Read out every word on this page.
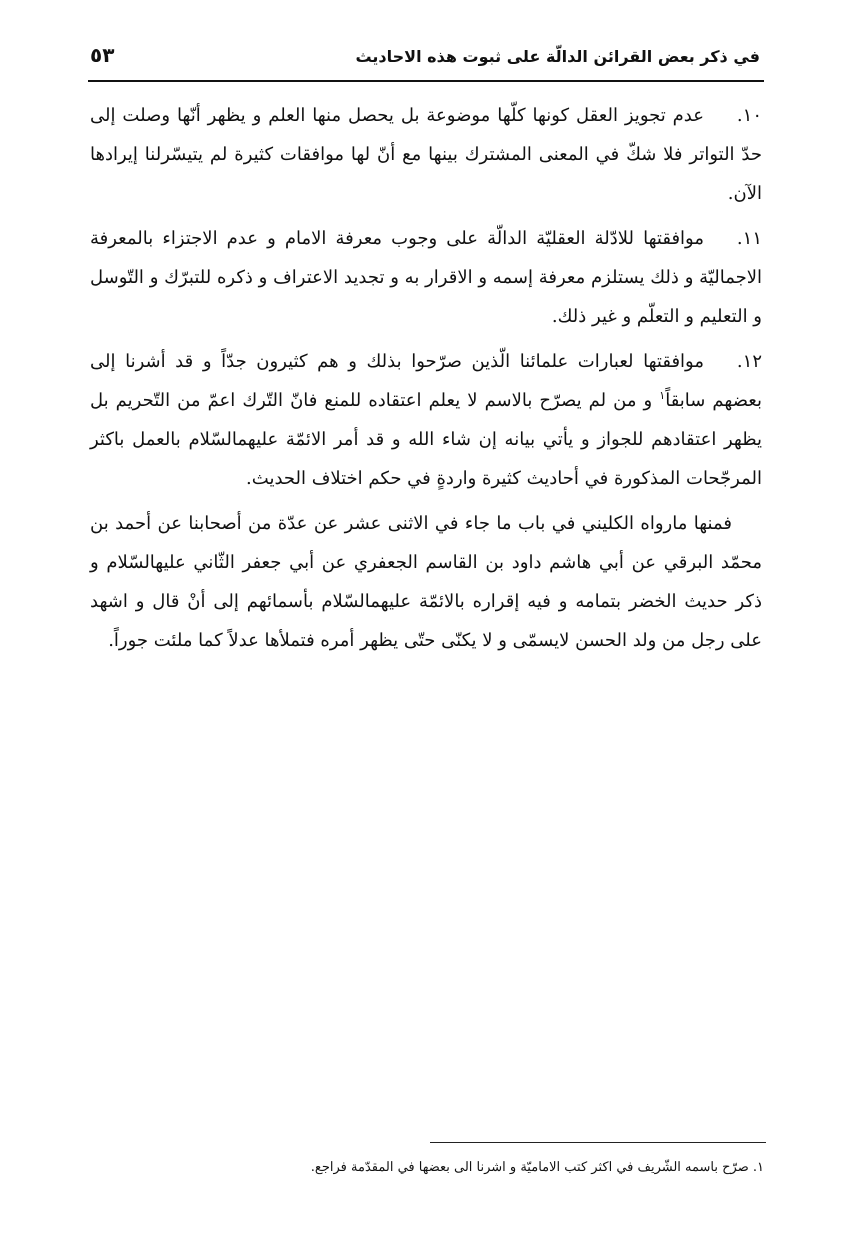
في ذكر بعض القرائن الدالّة على ثبوت هذه الاحاديث
٥٣

١٠.عدم تجويز العقل كونها كلّها موضوعة بل يحصل منها العلم و يظهر أنّها وصلت إلى حدّ التواتر فلا شكّ في المعنى المشترك بينها مع أنّ لها موافقات كثيرة لم يتيسّرلنا إيرادها الآن.

١١.موافقتها للادّلة العقليّة الدالّة على وجوب معرفة الامام و عدم الاجتزاء بالمعرفة الاجماليّة و ذلك يستلزم معرفة إسمه و الاقرار به و تجديد الاعتراف و ذكره للتبرّك و التّوسل و التعليم و التعلّم و غير ذلك.

١٢.موافقتها لعبارات علمائنا الّذين صرّحوا بذلك و هم كثيرون جدّاً و قد أشرنا إلى بعضهم سابقاً$^١$ و من لم يصرّح بالاسم لا يعلم اعتقاده للمنع فانّ التّرك اعمّ من التّحريم بل يظهر اعتقادهم للجواز و يأتي بيانه إن شاء الله و قد أمر الائمّة عليهمالسّلام بالعمل باكثر المرجّحات المذكورة في أحاديث كثيرة واردةٍ في حكم اختلاف الحديث.

فمنها مارواه الكليني في باب ما جاء في الاثنى عشر عن عدّة من أصحابنا عن أحمد بن محمّد البرقي عن أبي هاشم داود بن القاسم الجعفري عن أبي جعفر الثّاني عليهالسّلام و ذكر حديث الخضر بتمامه و فيه إقراره بالائمّة عليهمالسّلام بأسمائهم إلى أنْ قال و اشهد على رجل من ولد الحسن لايسمّى و لا يكنّى حتّى يظهر أمره فتملأها عدلاً كما ملئت جوراً.

١. صرّح باسمه الشّريف في اكثر كتب الاماميّة و اشرنا الى بعضها في المقدّمة فراجع.
